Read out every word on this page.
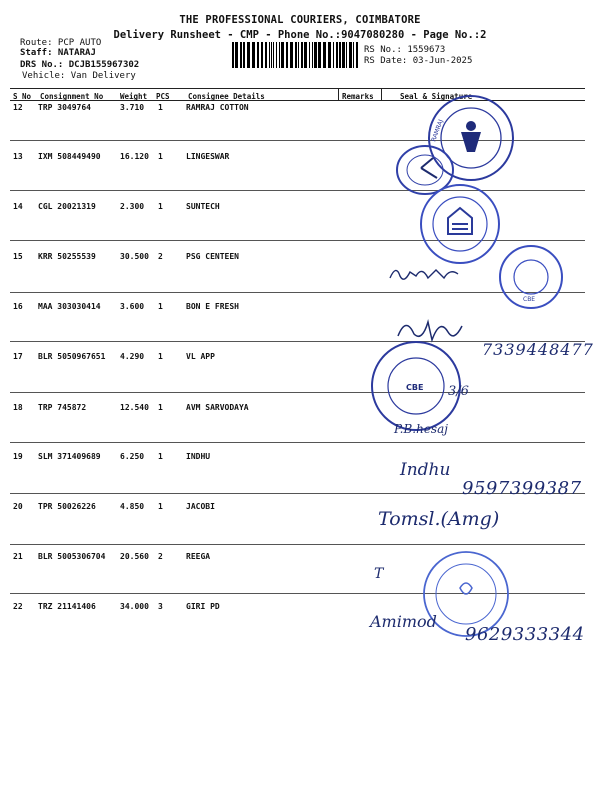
THE PROFESSIONAL COURIERS, COIMBATORE
Delivery Runsheet - CMP - Phone No.:9047080280 - Page No.:2
Route: PCP AUTO
Staff: NATARAJ
DRS No.: DCJB155967302
Vehicle: Van Delivery
RS No.: 1559673
RS Date: 03-Jun-2025
S No Consignment No Weight PCS Consignee Details	Remarks	Seal & Signature
12 TRP 3049764	3.710 1	RAMRAJ COTTON
13 IXM 508449490 16.120 1	LINGESWAR
14 CGL 20021319	2.300 1	SUNTECH
15 KRR 50255539	30.500 2	PSG CENTEEN
16 MAA 303030414 3.600 1	BON E FRESH
17 BLR 5050967651 4.290 1	VL APP
18 TRP 745872	12.540 1	AVM SARVODAYA
19 SLM 371409689 6.250 1	INDHU
20 TPR 50026226	4.850 1	JACOBI
21 BLR 5005306704 20.560 2	REEGA
22 TRZ 21141406	34.000 3	GIRI PD
RAMRAJ
CBE
CBE
7339448477
3/6
P.B.hesaj
Indhu
9597399387
Tomsl.(Amg)
T
Amimod
9629333344
